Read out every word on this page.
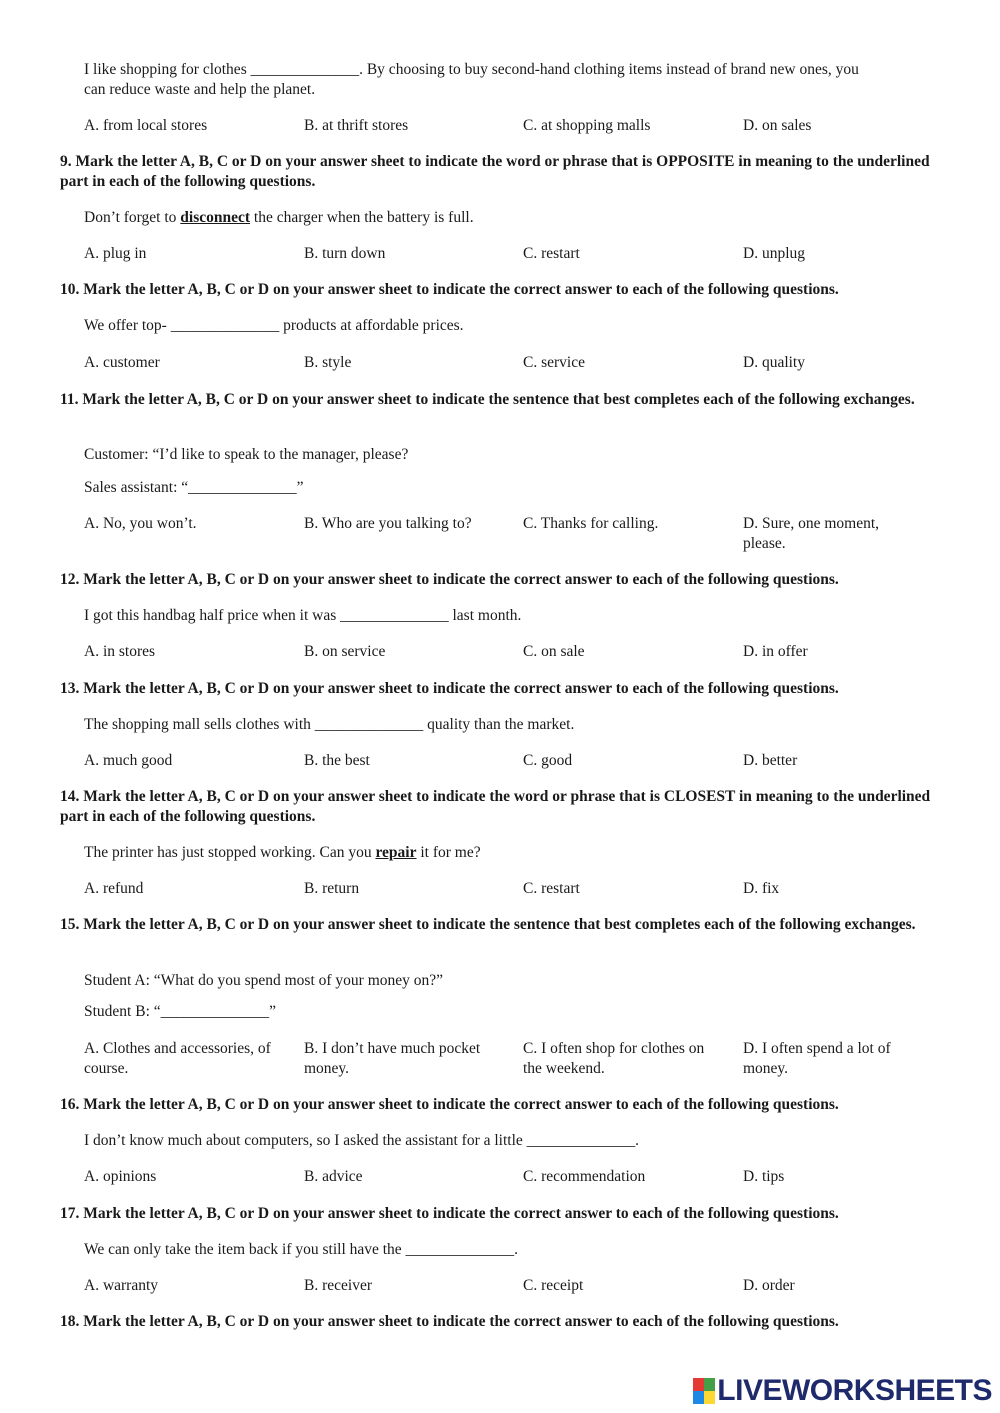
I like shopping for clothes ______________. By choosing to buy second-hand clothing items instead of brand new ones, you
can reduce waste and help the planet.
A. from local stores	B. at thrift stores	C. at shopping malls	D. on sales
9. Mark the letter A, B, C or D on your answer sheet to indicate the word or phrase that is OPPOSITE in meaning to the underlined part in each of the following questions.
Don’t forget to disconnect the charger when the battery is full.
A. plug in	B. turn down	C. restart	D. unplug
10. Mark the letter A, B, C or D on your answer sheet to indicate the correct answer to each of the following questions.
We offer top- ______________ products at affordable prices.
A. customer	B. style	C. service	D. quality
11. Mark the letter A, B, C or D on your answer sheet to indicate the sentence that best completes each of the following exchanges.
Customer: “I’d like to speak to the manager, please?
Sales assistant: “______________”
A. No, you won’t.	B. Who are you talking to?	C. Thanks for calling.	D. Sure, one moment, please.
12. Mark the letter A, B, C or D on your answer sheet to indicate the correct answer to each of the following questions.
I got this handbag half price when it was ______________ last month.
A. in stores	B. on service	C. on sale	D. in offer
13. Mark the letter A, B, C or D on your answer sheet to indicate the correct answer to each of the following questions.
The shopping mall sells clothes with ______________ quality than the market.
A. much good	B. the best	C. good	D. better
14. Mark the letter A, B, C or D on your answer sheet to indicate the word or phrase that is CLOSEST in meaning to the underlined part in each of the following questions.
The printer has just stopped working. Can you repair it for me?
A. refund	B. return	C. restart	D. fix
15. Mark the letter A, B, C or D on your answer sheet to indicate the sentence that best completes each of the following exchanges.
Student A: “What do you spend most of your money on?”
Student B: “______________”
A. Clothes and accessories, of course.
B. I don’t have much pocket money.
C. I often shop for clothes on the weekend.
D. I often spend a lot of money.
16. Mark the letter A, B, C or D on your answer sheet to indicate the correct answer to each of the following questions.
I don’t know much about computers, so I asked the assistant for a little ______________.
A. opinions	B. advice	C. recommendation	D. tips
17. Mark the letter A, B, C or D on your answer sheet to indicate the correct answer to each of the following questions.
We can only take the item back if you still have the ______________.
A. warranty	B. receiver	C. receipt	D. order
18. Mark the letter A, B, C or D on your answer sheet to indicate the correct answer to each of the following questions.
LIVEWORKSHEETS
